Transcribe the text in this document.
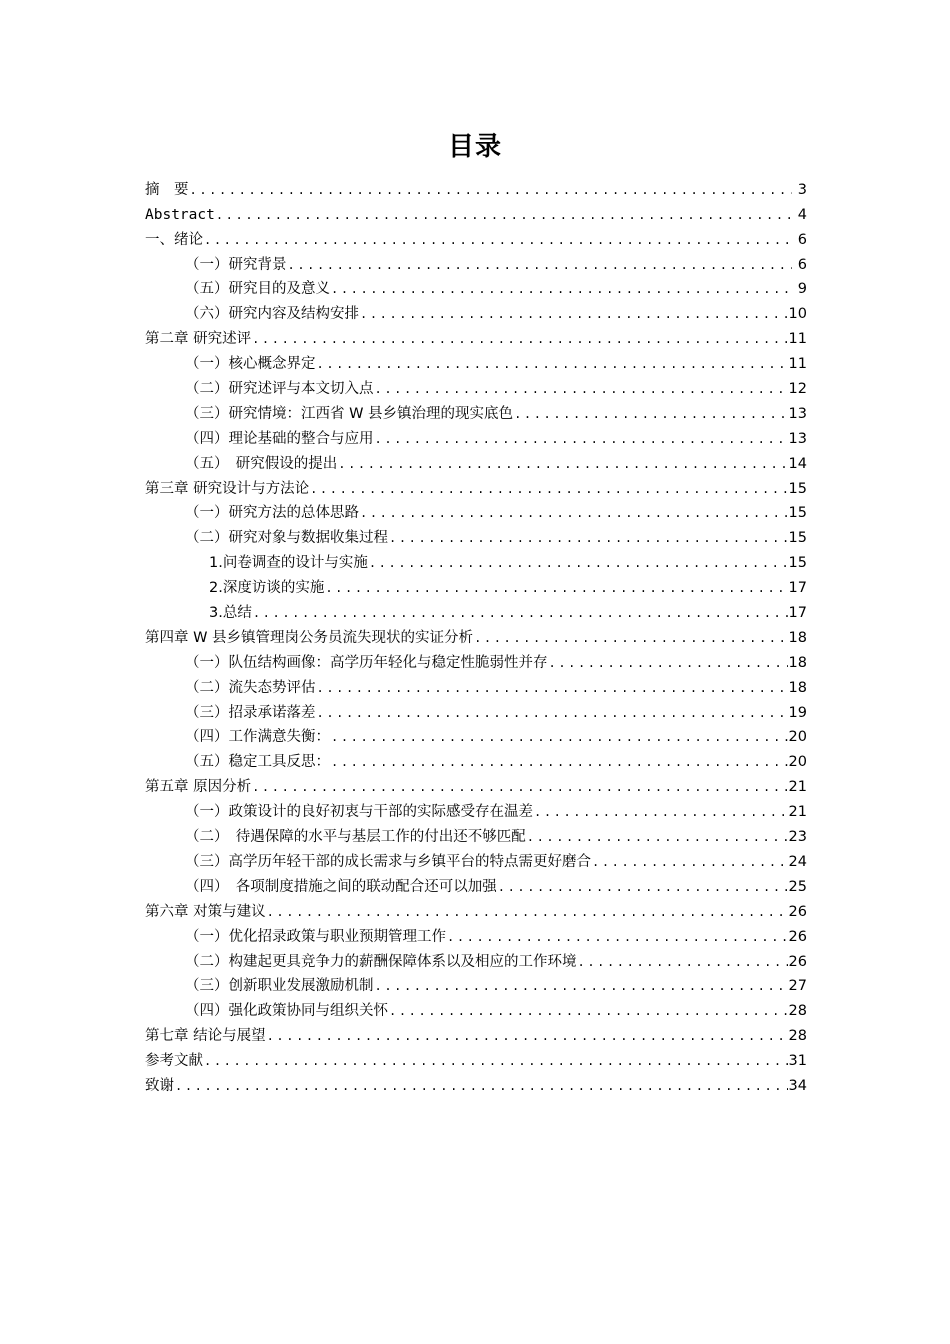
目录
摘　要 .....	3
Abstract .....	4
一、绪论 .....	6
（一）研究背景 .....	6
（五）研究目的及意义 .....	9
（六）研究内容及结构安排 .....	10
第二章 研究述评 .....	11
（一）核心概念界定 .....	11
（二）研究述评与本文切入点 .....	12
（三）研究情境：江西省 W 县乡镇治理的现实底色 .....	13
（四）理论基础的整合与应用 .....	13
（五）　研究假设的提出 .....	14
第三章 研究设计与方法论 .....	15
（一）研究方法的总体思路 .....	15
（二）研究对象与数据收集过程 .....	15
1.问卷调查的设计与实施 .....	15
2.深度访谈的实施 .....	17
3.总结 .....	17
第四章 W 县乡镇管理岗公务员流失现状的实证分析 .....	18
（一）队伍结构画像：高学历年轻化与稳定性脆弱性并存 .....	18
（二）流失态势评估 .....	18
（三）招录承诺落差 .....	19
（四）工作满意失衡： .....	20
（五）稳定工具反思： .....	20
第五章 原因分析 .....	21
（一）政策设计的良好初衷与干部的实际感受存在温差 .....	21
（二）　待遇保障的水平与基层工作的付出还不够匹配 .....	23
（三）高学历年轻干部的成长需求与乡镇平台的特点需更好磨合 .....	24
（四）　各项制度措施之间的联动配合还可以加强 .....	25
第六章 对策与建议 .....	26
（一）优化招录政策与职业预期管理工作 .....	26
（二）构建起更具竞争力的薪酬保障体系以及相应的工作环境 .....	26
（三）创新职业发展激励机制 .....	27
（四）强化政策协同与组织关怀 .....	28
第七章 结论与展望 .....	28
参考文献 .....	31
致谢 .....	34
